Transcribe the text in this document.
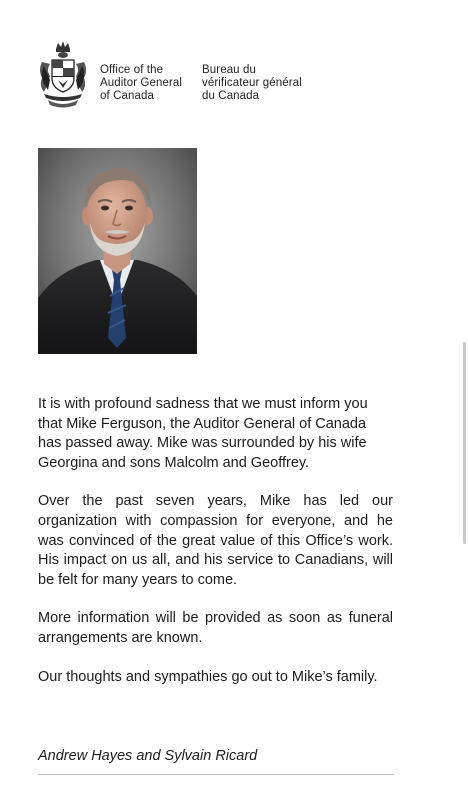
Office of the
Auditor General
of Canada
Bureau du
vérificateur général
du Canada

It is with profound sadness that we must inform you that Mike Ferguson, the Auditor General of Canada has passed away. Mike was surrounded by his wife Georgina and sons Malcolm and Geoffrey.

Over the past seven years, Mike has led our organization with compassion for everyone, and he was convinced of the great value of this Office’s work. His impact on us all, and his service to Canadians, will be felt for many years to come.

More information will be provided as soon as funeral arrangements are known.

Our thoughts and sympathies go out to Mike’s family.

Andrew Hayes and Sylvain Ricard
